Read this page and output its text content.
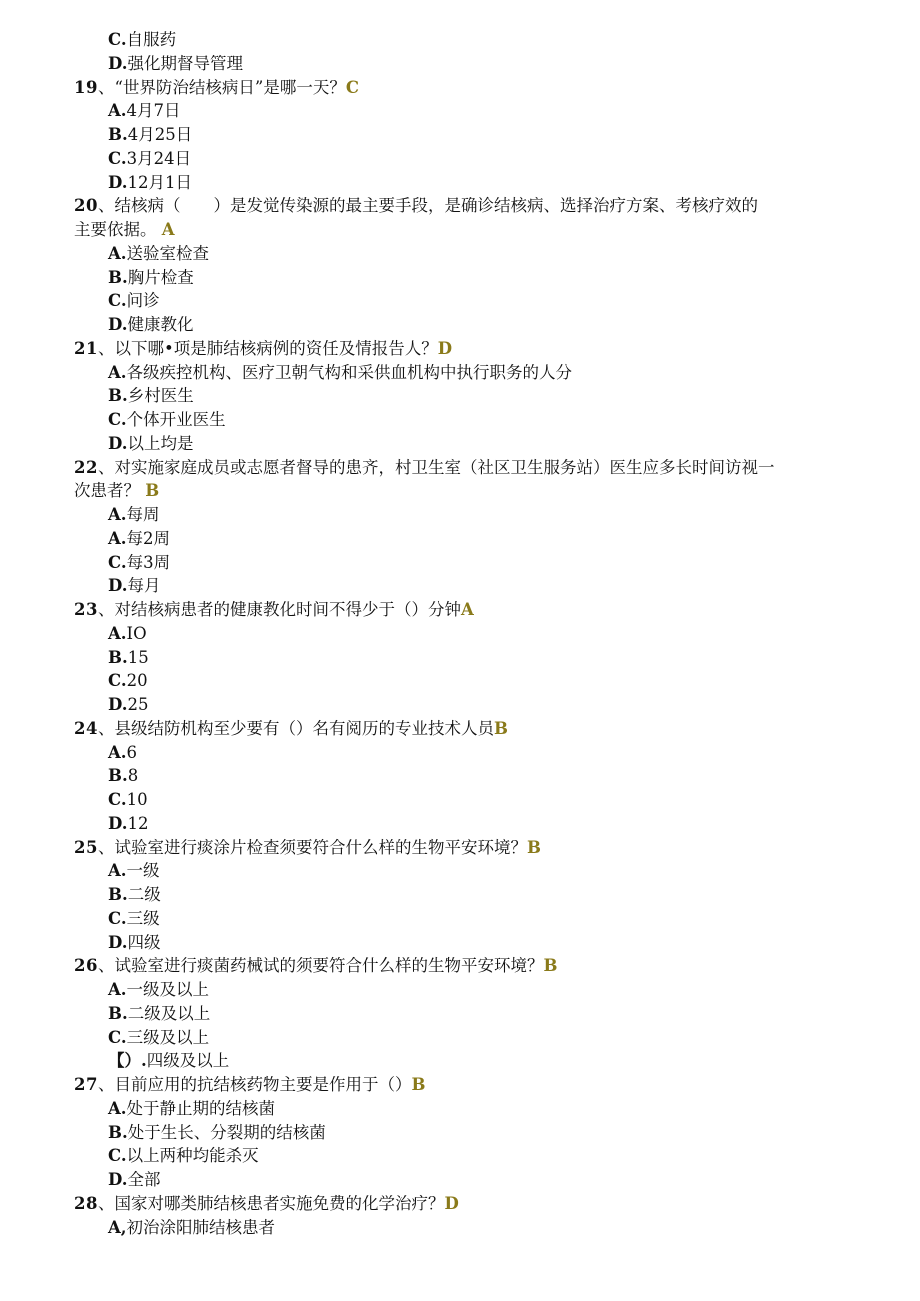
C.自服药
D.强化期督导管理
19、“世界防治结核病日”是哪一天？C
A.4月7日
B.4月25日
C.3月24日
D.12月1日
20、结核病（　　）是发觉传染源的最主要手段，是确诊结核病、选择治疗方案、考核疗效的
主要依据。 A
A.送验室检查
B.胸片检查
C.问诊
D.健康教化
21、以下哪•项是肺结核病例的资任及情报告人？D
A.各级疾控机构、医疗卫朝气构和采供血机构中执行职务的人分
B.乡村医生
C.个体开业医生
D.以上均是
22、对实施家庭成员或志愿者督导的患齐，村卫生室（社区卫生服务站）医生应多长时间访视一
次患者？ B
A.每周
A.每2周
C.每3周
D.每月
23、对结核病患者的健康教化时间不得少于（）分钟A
A.IO
B.15
C.20
D.25
24、县级结防机构至少要有（）名有阅历的专业技术人员B
A.6
B.8
C.10
D.12
25、试验室进行痰涂片检查须要符合什么样的生物平安环境？B
A.一级
B.二级
C.三级
D.四级
26、试验室进行痰菌药械试的须要符合什么样的生物平安环境？B
A.一级及以上
B.二级及以上
C.三级及以上
【）.四级及以上
27、目前应用的抗结核药物主要是作用于（）B
A.处于静止期的结核菌
B.处于生长、分裂期的结核菌
C.以上两种均能杀灭
D.全部
28、国家对哪类肺结核患者实施免费的化学治疗？D
A,初治涂阳肺结核患者
